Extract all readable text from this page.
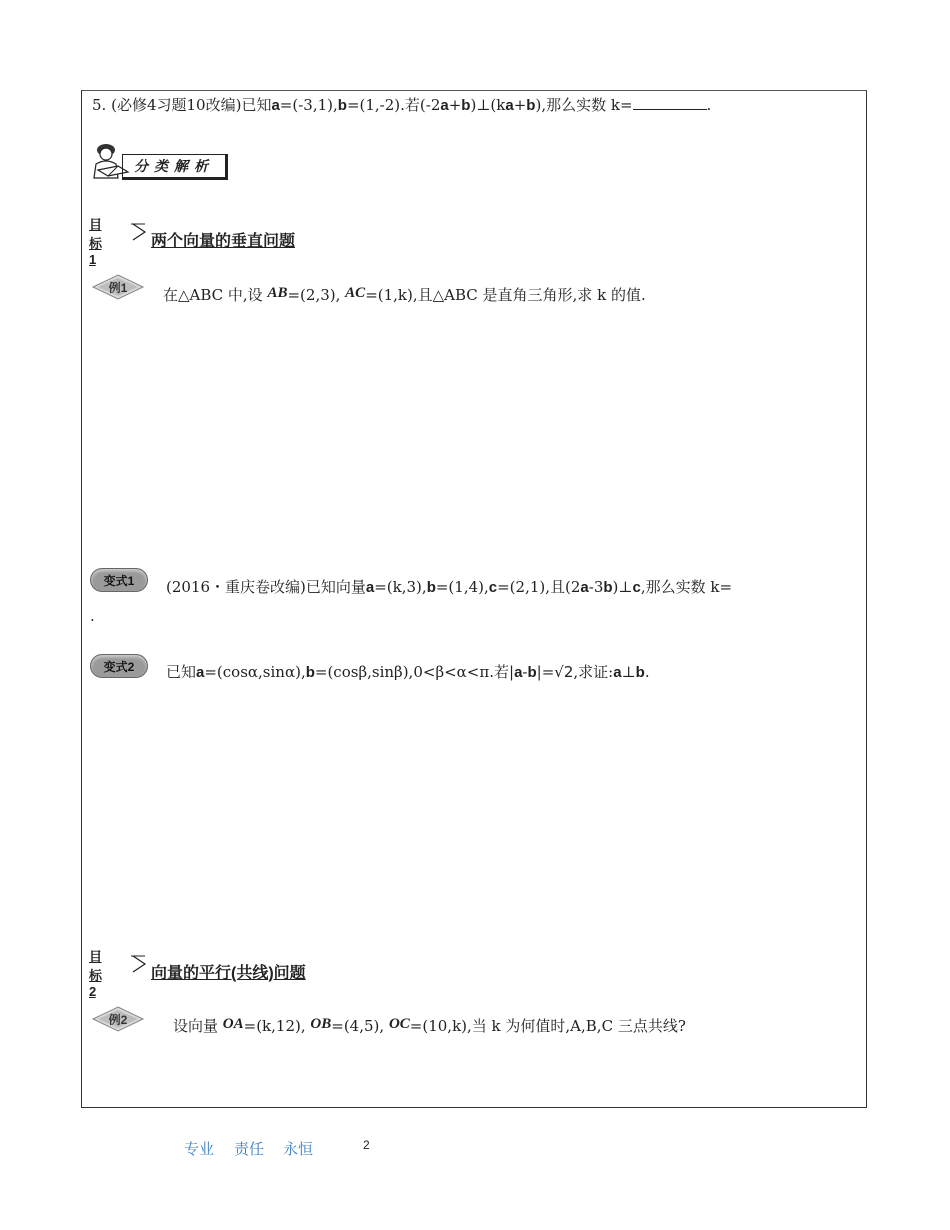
5. (必修4习题10改编)已知a=(-3,1),b=(1,-2).若(-2a+b)⊥(ka+b),那么实数 k=	.
分类解析
目标1
两个向量的垂直问题
例1	在△ABC 中,设 AB=(2,3), AC=(1,k),且△ABC 是直角三角形,求 k 的值.
变式1	(2016・重庆卷改编)已知向量a=(k,3),b=(1,4),c=(2,1),且(2a-3b)⊥c,那么实数 k=
.
变式2	已知a=(cosα,sinα),b=(cosβ,sinβ),0<β<α<π.若|a-b|=√2,求证:a⊥b.
目标2
向量的平行(共线)问题
例2	设向量 OA=(k,12), OB=(4,5), OC=(10,k),当 k 为何值时,A,B,C 三点共线?
专业 责任 永恒	2
